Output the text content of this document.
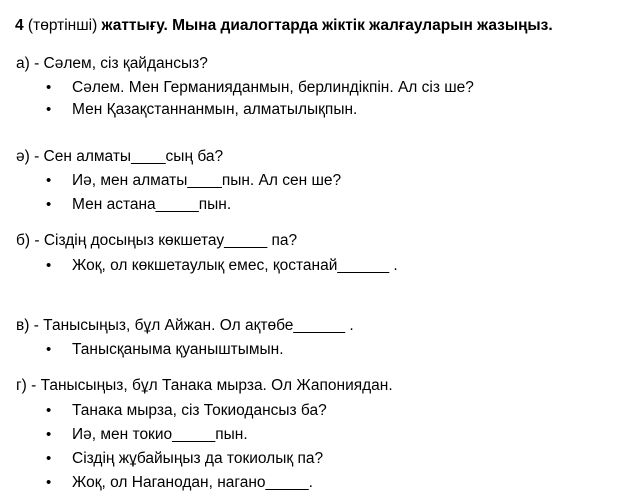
4 (төртінші) жаттығу. Мына диалогтарда жіктік жалғауларын жазыңыз.
а) - Сәлем, сіз қайдансыз?
•Сәлем. Мен Германияданмын, берлиндікпін. Ал сіз ше?
•Мен Қазақстаннанмын, алматылықпын.
ә) - Сен алматы____сың ба?
•Иә, мен алматы____пын. Ал сен ше?
•Мен астана_____пын.
б) - Сіздің досыңыз көкшетау_____ па?
•Жоқ, ол көкшетаулық емес, қостанай______ .
в) - Танысыңыз, бұл Айжан. Ол ақтөбе______ .
•Танысқаныма қуаныштымын.
г) - Танысыңыз, бұл Танака мырза. Ол Жапониядан.
•Танака мырза, сіз Токиодансыз ба?
•Иә, мен токио_____пын.
•Сіздің жұбайыңыз да токиолық па?
•Жоқ, ол Наганодан, нагано_____.
